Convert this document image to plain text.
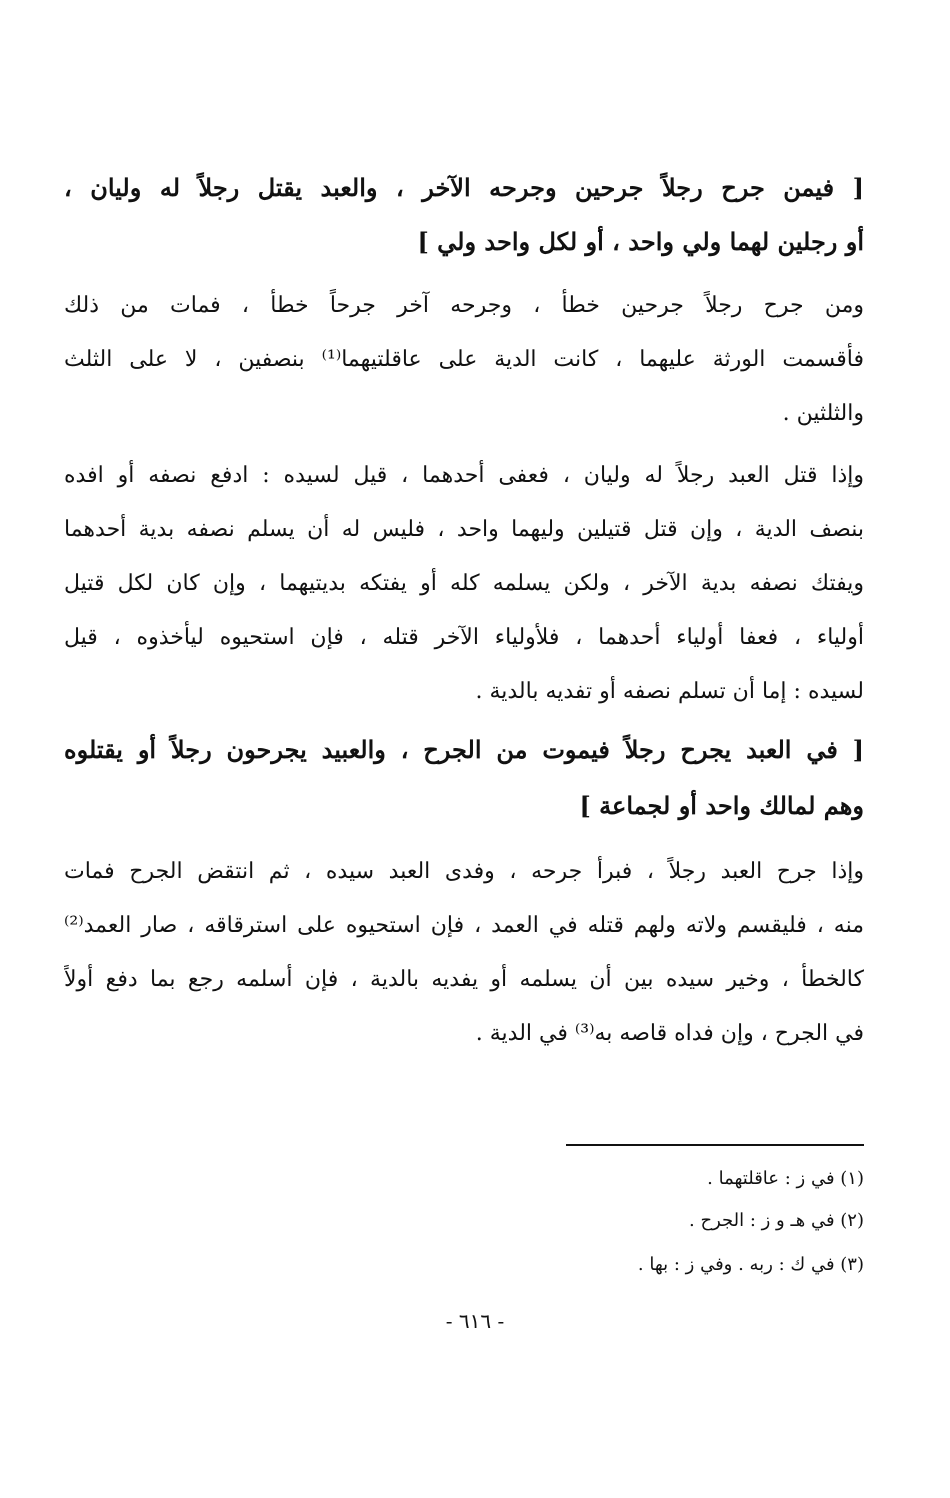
[ فيمن جرح رجلاً جرحين وجرحه الآخر ، والعبد يقتل رجلاً له وليان ،
أو رجلين لهما ولي واحد ، أو لكل واحد ولي ]
ومن جرح رجلاً جرحين خطأ ، وجرحه آخر جرحاً خطأ ، فمات من ذلك
فأقسمت الورثة عليهما ، كانت الدية على عاقلتيهما⁽¹⁾ بنصفين ، لا على الثلث
والثلثين .
وإذا قتل العبد رجلاً له وليان ، فعفى أحدهما ، قيل لسيده : ادفع نصفه أو افده
بنصف الدية ، وإن قتل قتيلين وليهما واحد ، فليس له أن يسلم نصفه بدية أحدهما
ويفتك نصفه بدية الآخر ، ولكن يسلمه كله أو يفتكه بديتيهما ، وإن كان لكل قتيل
أولياء ، فعفا أولياء أحدهما ، فلأولياء الآخر قتله ، فإن استحيوه ليأخذوه ، قيل
لسيده : إما أن تسلم نصفه أو تفديه بالدية .
[ في العبد يجرح رجلاً فيموت من الجرح ، والعبيد يجرحون رجلاً أو يقتلوه
وهم لمالك واحد أو لجماعة ]
وإذا جرح العبد رجلاً ، فبرأ جرحه ، وفدى العبد سيده ، ثم انتقض الجرح فمات
منه ، فليقسم ولاته ولهم قتله في العمد ، فإن استحيوه على استرقاقه ، صار العمد⁽²⁾
كالخطأ ، وخير سيده بين أن يسلمه أو يفديه بالدية ، فإن أسلمه رجع بما دفع أولاً
في الجرح ، وإن فداه قاصه به⁽³⁾ في الدية .
(١) في ز : عاقلتهما .
(٢) في هـ و ز : الجرح .
(٣) في ك : ربه . وفي ز : بها .
- ٦١٦ -
